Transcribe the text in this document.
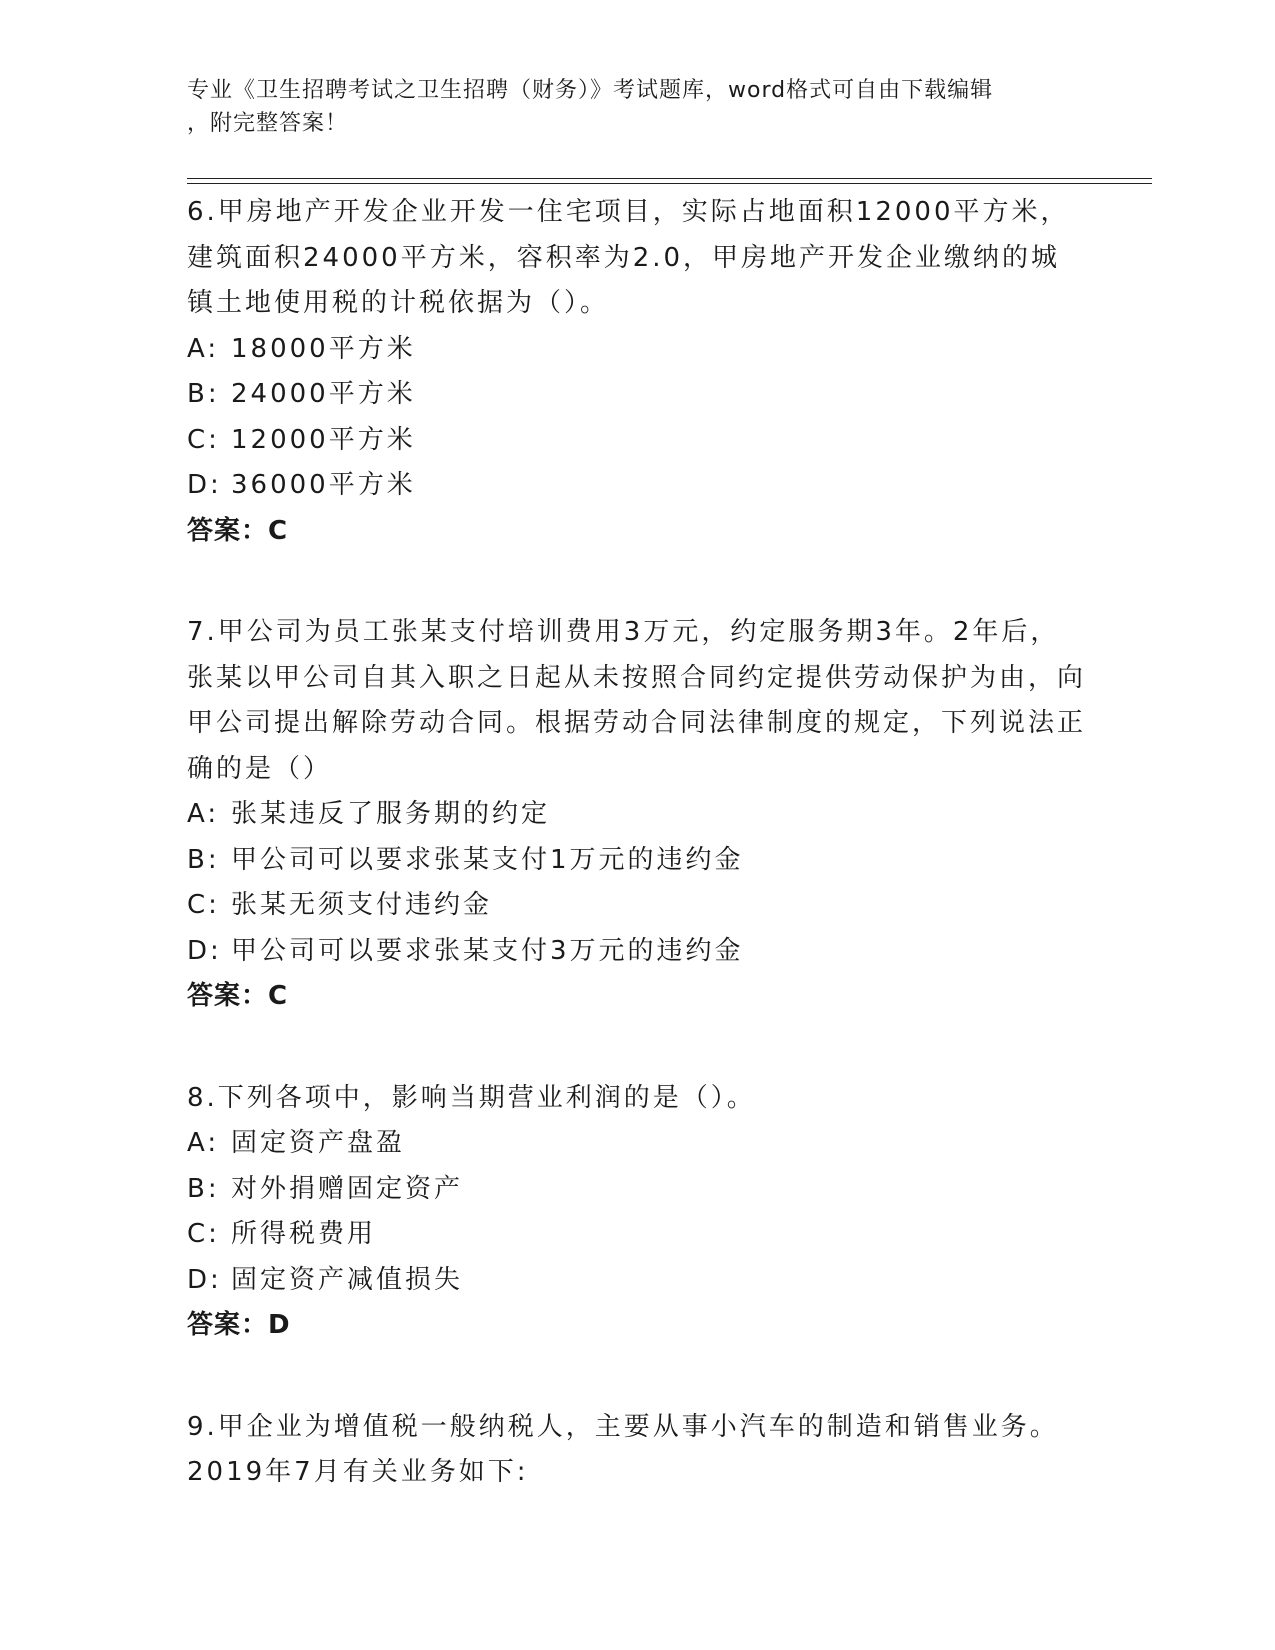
专业《卫生招聘考试之卫生招聘（财务）》考试题库，word格式可自由下载编辑
，附完整答案！
6.甲房地产开发企业开发一住宅项目，实际占地面积12000平方米，建筑面积24000平方米，容积率为2.0，甲房地产开发企业缴纳的城镇土地使用税的计税依据为（）。
A: 18000平方米
B: 24000平方米
C: 12000平方米
D: 36000平方米
答案：C
7.甲公司为员工张某支付培训费用3万元，约定服务期3年。2年后，张某以甲公司自其入职之日起从未按照合同约定提供劳动保护为由，向甲公司提出解除劳动合同。根据劳动合同法律制度的规定，下列说法正确的是（）
A: 张某违反了服务期的约定
B: 甲公司可以要求张某支付1万元的违约金
C: 张某无须支付违约金
D: 甲公司可以要求张某支付3万元的违约金
答案：C
8.下列各项中，影响当期营业利润的是（）。
A: 固定资产盘盈
B: 对外捐赠固定资产
C: 所得税费用
D: 固定资产减值损失
答案：D
9.甲企业为增值税一般纳税人，主要从事小汽车的制造和销售业务。2019年7月有关业务如下:
